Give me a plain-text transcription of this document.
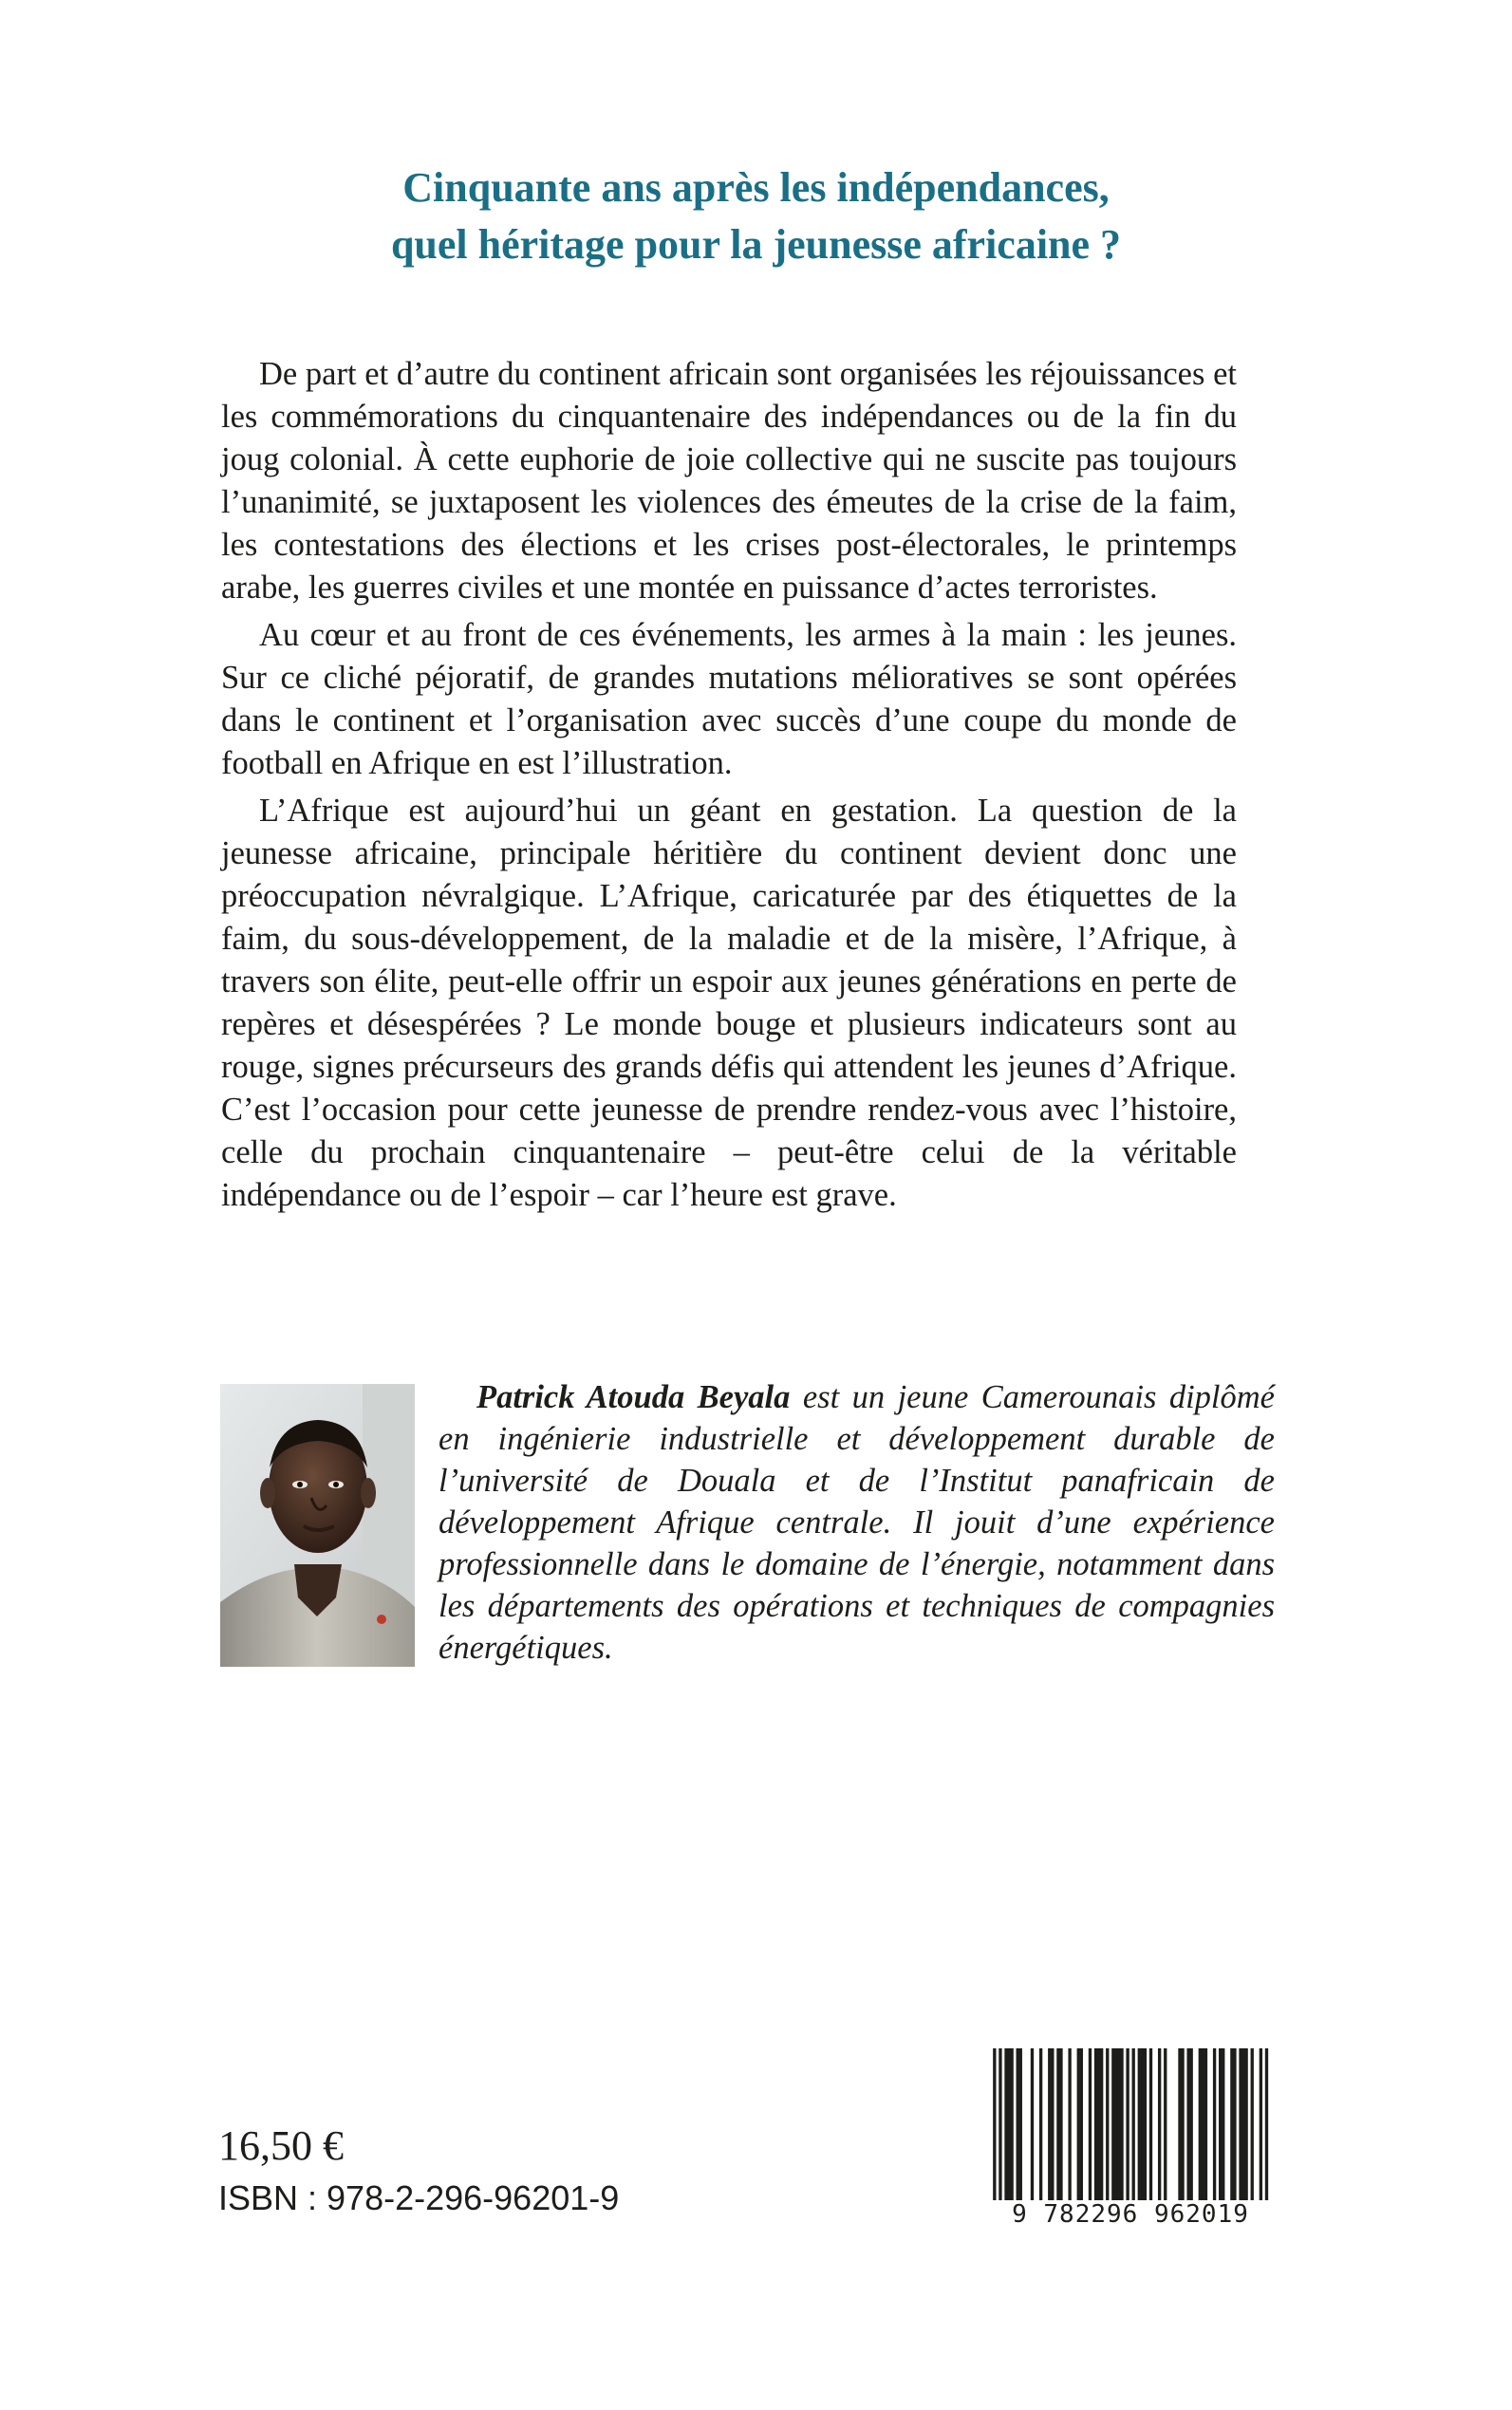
Cinquante ans après les indépendances,
quel héritage pour la jeunesse africaine ?

De part et d’autre du continent africain sont organisées les réjouissances et les commémorations du cinquantenaire des indépendances ou de la fin du joug colonial. À cette euphorie de joie collective qui ne suscite pas toujours l’unanimité, se juxtaposent les violences des émeutes de la crise de la faim, les contestations des élections et les crises post-électorales, le printemps arabe, les guerres civiles et une montée en puissance d’actes terroristes.

Au cœur et au front de ces événements, les armes à la main : les jeunes. Sur ce cliché péjoratif, de grandes mutations mélioratives se sont opérées dans le continent et l’organisation avec succès d’une coupe du monde de football en Afrique en est l’illustration.

L’Afrique est aujourd’hui un géant en gestation. La question de la jeunesse africaine, principale héritière du continent devient donc une préoccupation névralgique. L’Afrique, caricaturée par des étiquettes de la faim, du sous-développement, de la maladie et de la misère, l’Afrique, à travers son élite, peut-elle offrir un espoir aux jeunes générations en perte de repères et désespérées ? Le monde bouge et plusieurs indicateurs sont au rouge, signes précurseurs des grands défis qui attendent les jeunes d’Afrique. C’est l’occasion pour cette jeunesse de prendre rendez-vous avec l’histoire, celle du prochain cinquantenaire – peut-être celui de la véritable indépendance ou de l’espoir – car l’heure est grave.

Patrick Atouda Beyala est un jeune Camerounais diplômé en ingénierie industrielle et développement durable de l’université de Douala et de l’Institut panafricain de développement Afrique centrale. Il jouit d’une expérience professionnelle dans le domaine de l’énergie, notamment dans les départements des opérations et techniques de compagnies énergétiques.

16,50 €
ISBN : 978-2-296-96201-9	9 782296 962019
